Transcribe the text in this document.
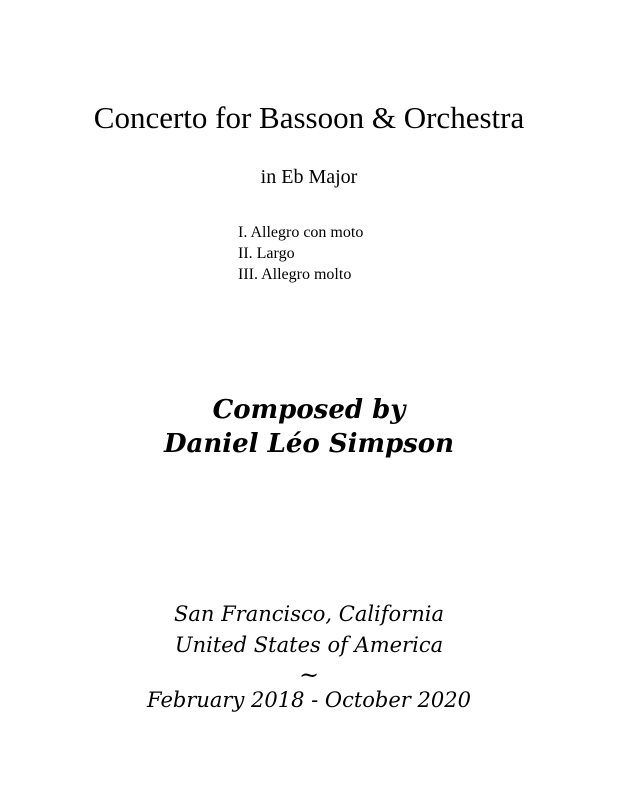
Concerto for Bassoon & Orchestra
in Eb Major
I. Allegro con moto
II. Largo
III. Allegro molto
Composed by
Daniel Léo Simpson
San Francisco, California
United States of America
~
February 2018 - October 2020
